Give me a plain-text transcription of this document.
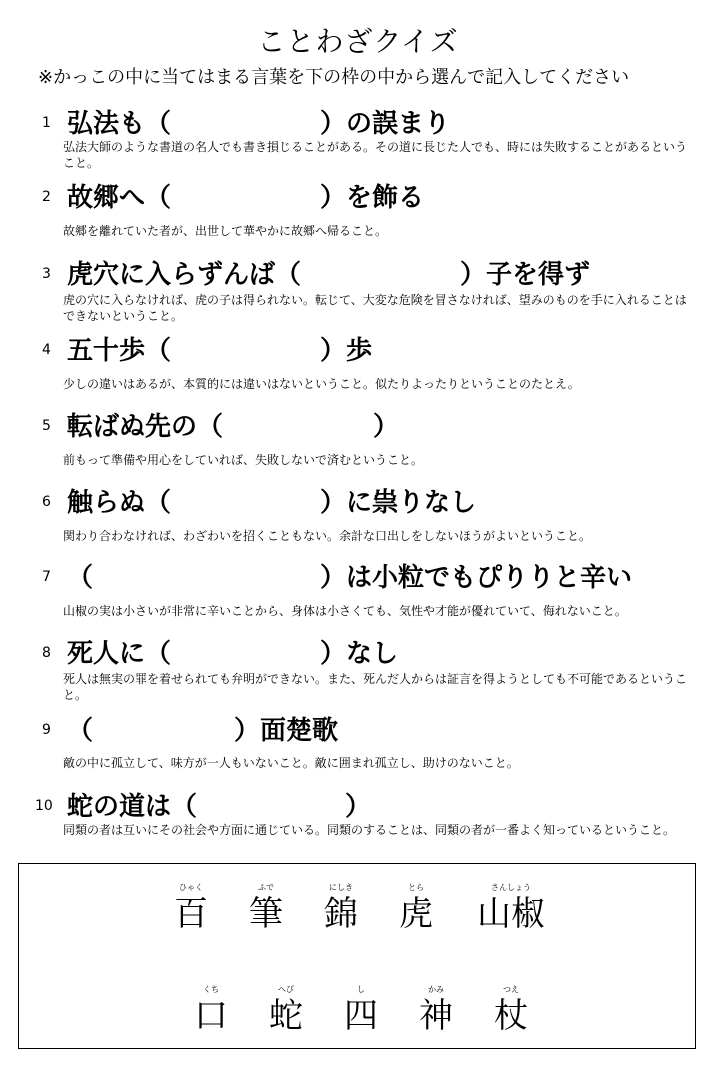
ことわざクイズ
※かっこの中に当てはまる言葉を下の枠の中から選んで記入してください
1 弘法も（	）の誤まり
弘法大師のような書道の名人でも書き損じることがある。その道に長じた人でも、時には失敗することがあるということ。
2 故郷へ（	）を飾る
故郷を離れていた者が、出世して華やかに故郷へ帰ること。
3 虎穴に入らずんば（	）子を得ず
虎の穴に入らなければ、虎の子は得られない。転じて、大変な危険を冒さなければ、望みのものを手に入れることはできないということ。
4 五十歩（	）歩
少しの違いはあるが、本質的には違いはないということ。似たりよったりということのたとえ。
5 転ばぬ先の（	）
前もって準備や用心をしていれば、失敗しないで済むということ。
6 触らぬ（	）に祟りなし
関わり合わなければ、わざわいを招くこともない。余計な口出しをしないほうがよいということ。
7 （	）は小粒でもぴりりと辛い
山椒の実は小さいが非常に辛いことから、身体は小さくても、気性や才能が優れていて、侮れないこと。
8 死人に（	）なし
死人は無実の罪を着せられても弁明ができない。また、死んだ人からは証言を得ようとしても不可能であるということ。
9 （	）面楚歌
敵の中に孤立して、味方が一人もいないこと。敵に囲まれ孤立し、助けのないこと。
10 蛇の道は（	）
同類の者は互いにその社会や方面に通じている。同類のすることは、同類の者が一番よく知っているということ。
ひゃく
百
ふで
筆
にしき
錦
とら
虎
さんしょう
山椒
くち
口
へび
蛇
し
四
かみ
神
つえ
杖
